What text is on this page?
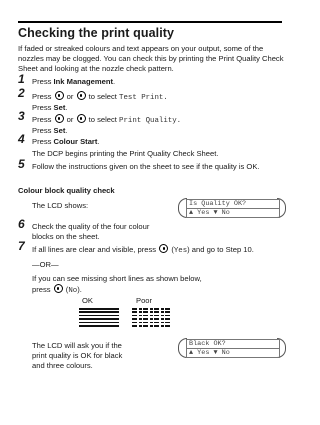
Checking the print quality
If faded or streaked colours and text appears on your output, some of the nozzles may be clogged. You can check this by printing the Print Quality Check Sheet and looking at the nozzle check pattern.
1 Press Ink Management.
2 Press  or  to select Test Print.
Press Set.
3 Press  or  to select Print Quality.
Press Set.
4 Press Colour Start.
The DCP begins printing the Print Quality Check Sheet.
5 Follow the instructions given on the sheet to see if the quality is OK.
Colour block quality check
The LCD shows:	Is Quality OK?
▲ Yes ▼ No
6 Check the quality of the four colour blocks on the sheet.
7 If all lines are clear and visible, press  (Yes) and go to Step 10.
—OR—
If you can see missing short lines as shown below,
press  (No).
OK	Poor
The LCD will ask you if the print quality is OK for black and three colours.
Black OK?
▲ Yes ▼ No
